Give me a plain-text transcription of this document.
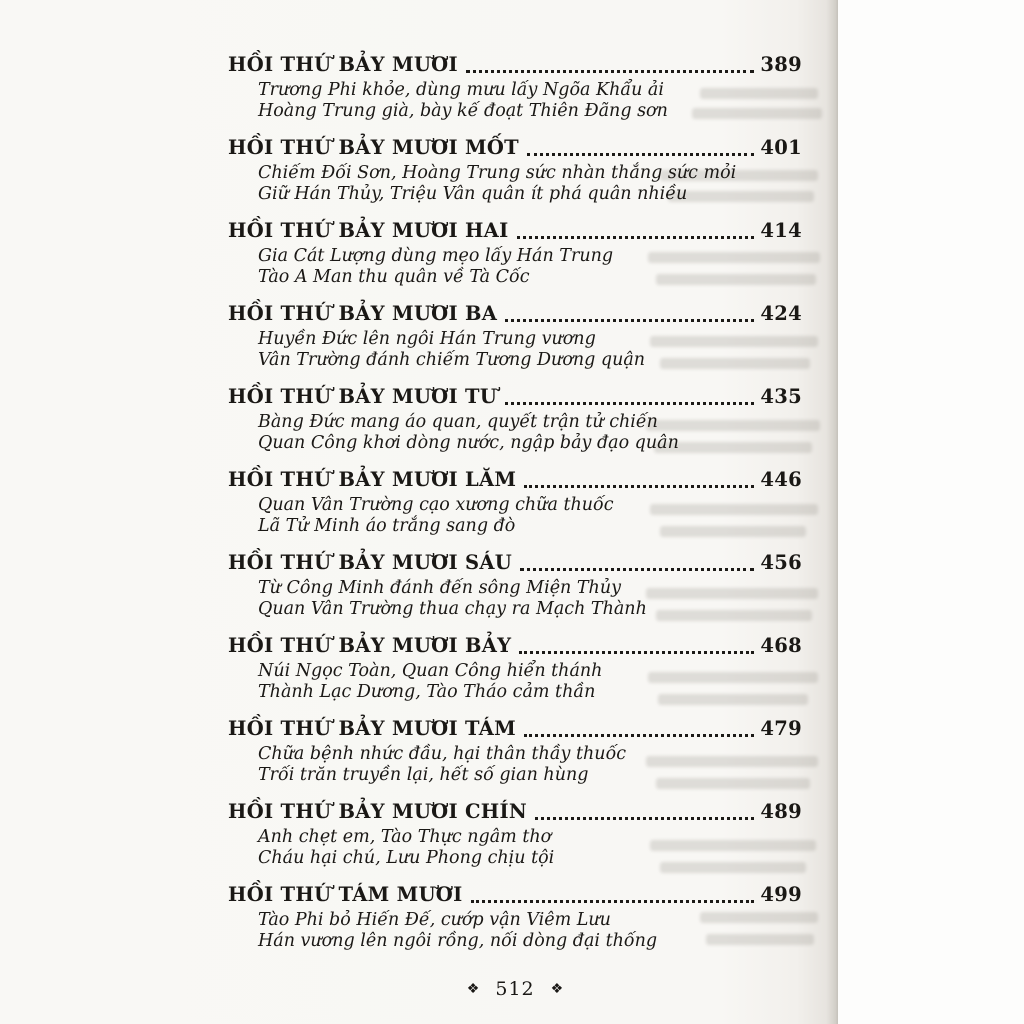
HỒI THỨ BẢY MƯƠI	389
Trương Phi khỏe, dùng mưu lấy Ngõa Khẩu ải
Hoàng Trung già, bày kế đoạt Thiên Đãng sơn
HỒI THỨ BẢY MƯƠI MỐT	401
Chiếm Đối Sơn, Hoàng Trung sức nhàn thắng sức mỏi
Giữ Hán Thủy, Triệu Vân quân ít phá quân nhiều
HỒI THỨ BẢY MƯƠI HAI	414
Gia Cát Lượng dùng mẹo lấy Hán Trung
Tào A Man thu quân về Tà Cốc
HỒI THỨ BẢY MƯƠI BA	424
Huyền Đức lên ngôi Hán Trung vương
Vân Trường đánh chiếm Tương Dương quận
HỒI THỨ BẢY MƯƠI TƯ	435
Bàng Đức mang áo quan, quyết trận tử chiến
Quan Công khơi dòng nước, ngập bảy đạo quân
HỒI THỨ BẢY MƯƠI LĂM	446
Quan Vân Trường cạo xương chữa thuốc
Lã Tử Minh áo trắng sang đò
HỒI THỨ BẢY MƯƠI SÁU	456
Từ Công Minh đánh đến sông Miện Thủy
Quan Vân Trường thua chạy ra Mạch Thành
HỒI THỨ BẢY MƯƠI BẢY	468
Núi Ngọc Toàn, Quan Công hiển thánh
Thành Lạc Dương, Tào Tháo cảm thần
HỒI THỨ BẢY MƯƠI TÁM	479
Chữa bệnh nhức đầu, hại thân thầy thuốc
Trối trăn truyền lại, hết số gian hùng
HỒI THỨ BẢY MƯƠI CHÍN	489
Anh chẹt em, Tào Thực ngâm thơ
Cháu hại chú, Lưu Phong chịu tội
HỒI THỨ TÁM MƯƠI	499
Tào Phi bỏ Hiến Đế, cướp vận Viêm Lưu
Hán vương lên ngôi rồng, nối dòng đại thống
❖ 512 ❖
